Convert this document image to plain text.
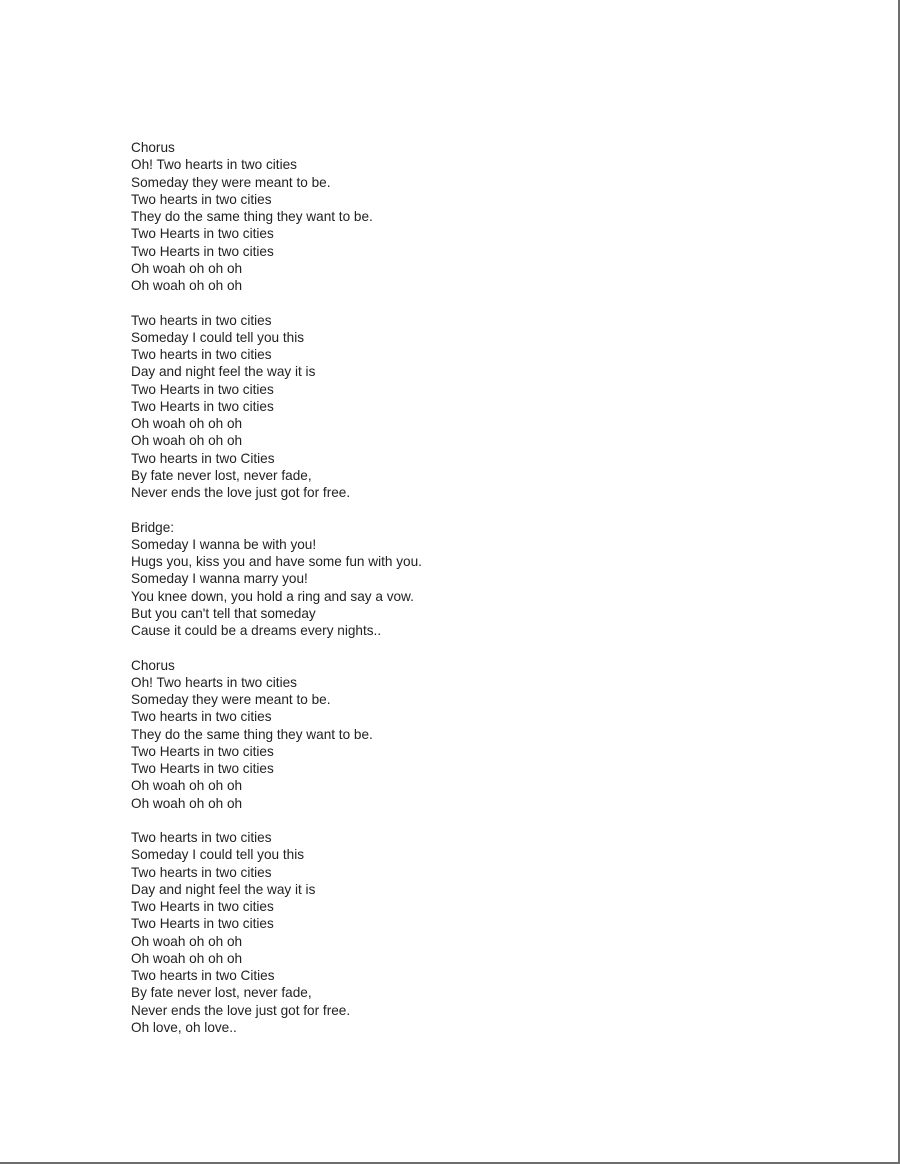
Chorus
Oh! Two hearts in two cities
Someday they were meant to be.
Two hearts in two cities
They do the same thing they want to be.
Two Hearts in two cities
Two Hearts in two cities
Oh woah oh oh oh
Oh woah oh oh oh
Two hearts in two cities
Someday I could tell you this
Two hearts in two cities
Day and night feel the way it is
Two Hearts in two cities
Two Hearts in two cities
Oh woah oh oh oh
Oh woah oh oh oh
Two hearts in two Cities
By fate never lost, never fade,
Never ends the love just got for free.
Bridge:
Someday I wanna be with you!
Hugs you, kiss you and have some fun with you.
Someday I wanna marry you!
You knee down, you hold a ring and say a vow.
But you can't tell that someday
Cause it could be a dreams every nights..
Chorus
Oh! Two hearts in two cities
Someday they were meant to be.
Two hearts in two cities
They do the same thing they want to be.
Two Hearts in two cities
Two Hearts in two cities
Oh woah oh oh oh
Oh woah oh oh oh
Two hearts in two cities
Someday I could tell you this
Two hearts in two cities
Day and night feel the way it is
Two Hearts in two cities
Two Hearts in two cities
Oh woah oh oh oh
Oh woah oh oh oh
Two hearts in two Cities
By fate never lost, never fade,
Never ends the love just got for free.
Oh love, oh love..
